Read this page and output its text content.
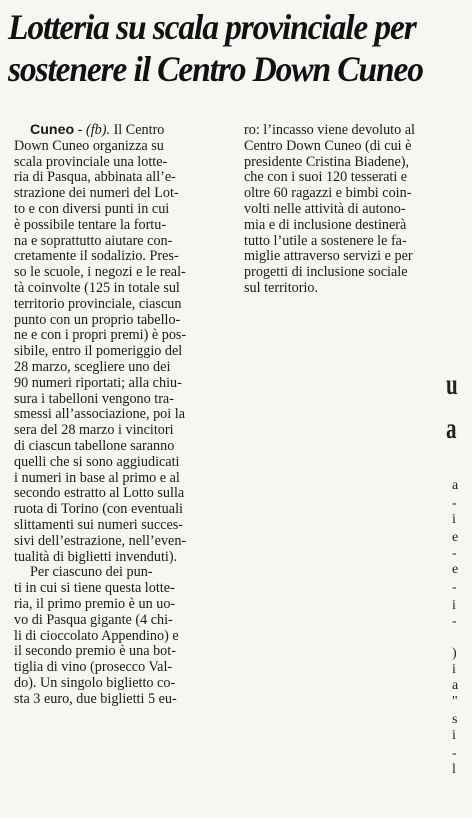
Lotteria su scala provinciale per
sostenere il Centro Down Cuneo

Cuneo - (fb). Il Centro
Down Cuneo organizza su
scala provinciale una lotte-
ria di Pasqua, abbinata all’e-
strazione dei numeri del Lot-
to e con diversi punti in cui
è possibile tentare la fortu-
na e soprattutto aiutare con-
cretamente il sodalizio. Pres-
so le scuole, i negozi e le real-
tà coinvolte (125 in totale sul
territorio provinciale, ciascun
punto con un proprio tabello-
ne e con i propri premi) è pos-
sibile, entro il pomeriggio del
28 marzo, scegliere uno dei
90 numeri riportati; alla chiu-
sura i tabelloni vengono tra-
smessi all’associazione, poi la
sera del 28 marzo i vincitori
di ciascun tabellone saranno
quelli che si sono aggiudicati
i numeri in base al primo e al
secondo estratto al Lotto sulla
ruota di Torino (con eventuali
slittamenti sui numeri succes-
sivi dell’estrazione, nell’even-
tualità di biglietti invenduti).

Per ciascuno dei pun-
ti in cui si tiene questa lotte-
ria, il primo premio è un uo-
vo di Pasqua gigante (4 chi-
li di cioccolato Appendino) e
il secondo premio è una bot-
tiglia di vino (prosecco Val-
do). Un singolo biglietto co-
sta 3 euro, due biglietti 5 eu-

ro: l’incasso viene devoluto al
Centro Down Cuneo (di cui è
presidente Cristina Biadene),
che con i suoi 120 tesserati e
oltre 60 ragazzi e bimbi coin-
volti nelle attività di autono-
mia e di inclusione destinerà
tutto l’utile a sostenere le fa-
miglie attraverso servizi e per
progetti di inclusione sociale
sul territorio.

u
a
a
-
i
e
-
e
-
i
-
)
i
a
"
s
i
-
l
